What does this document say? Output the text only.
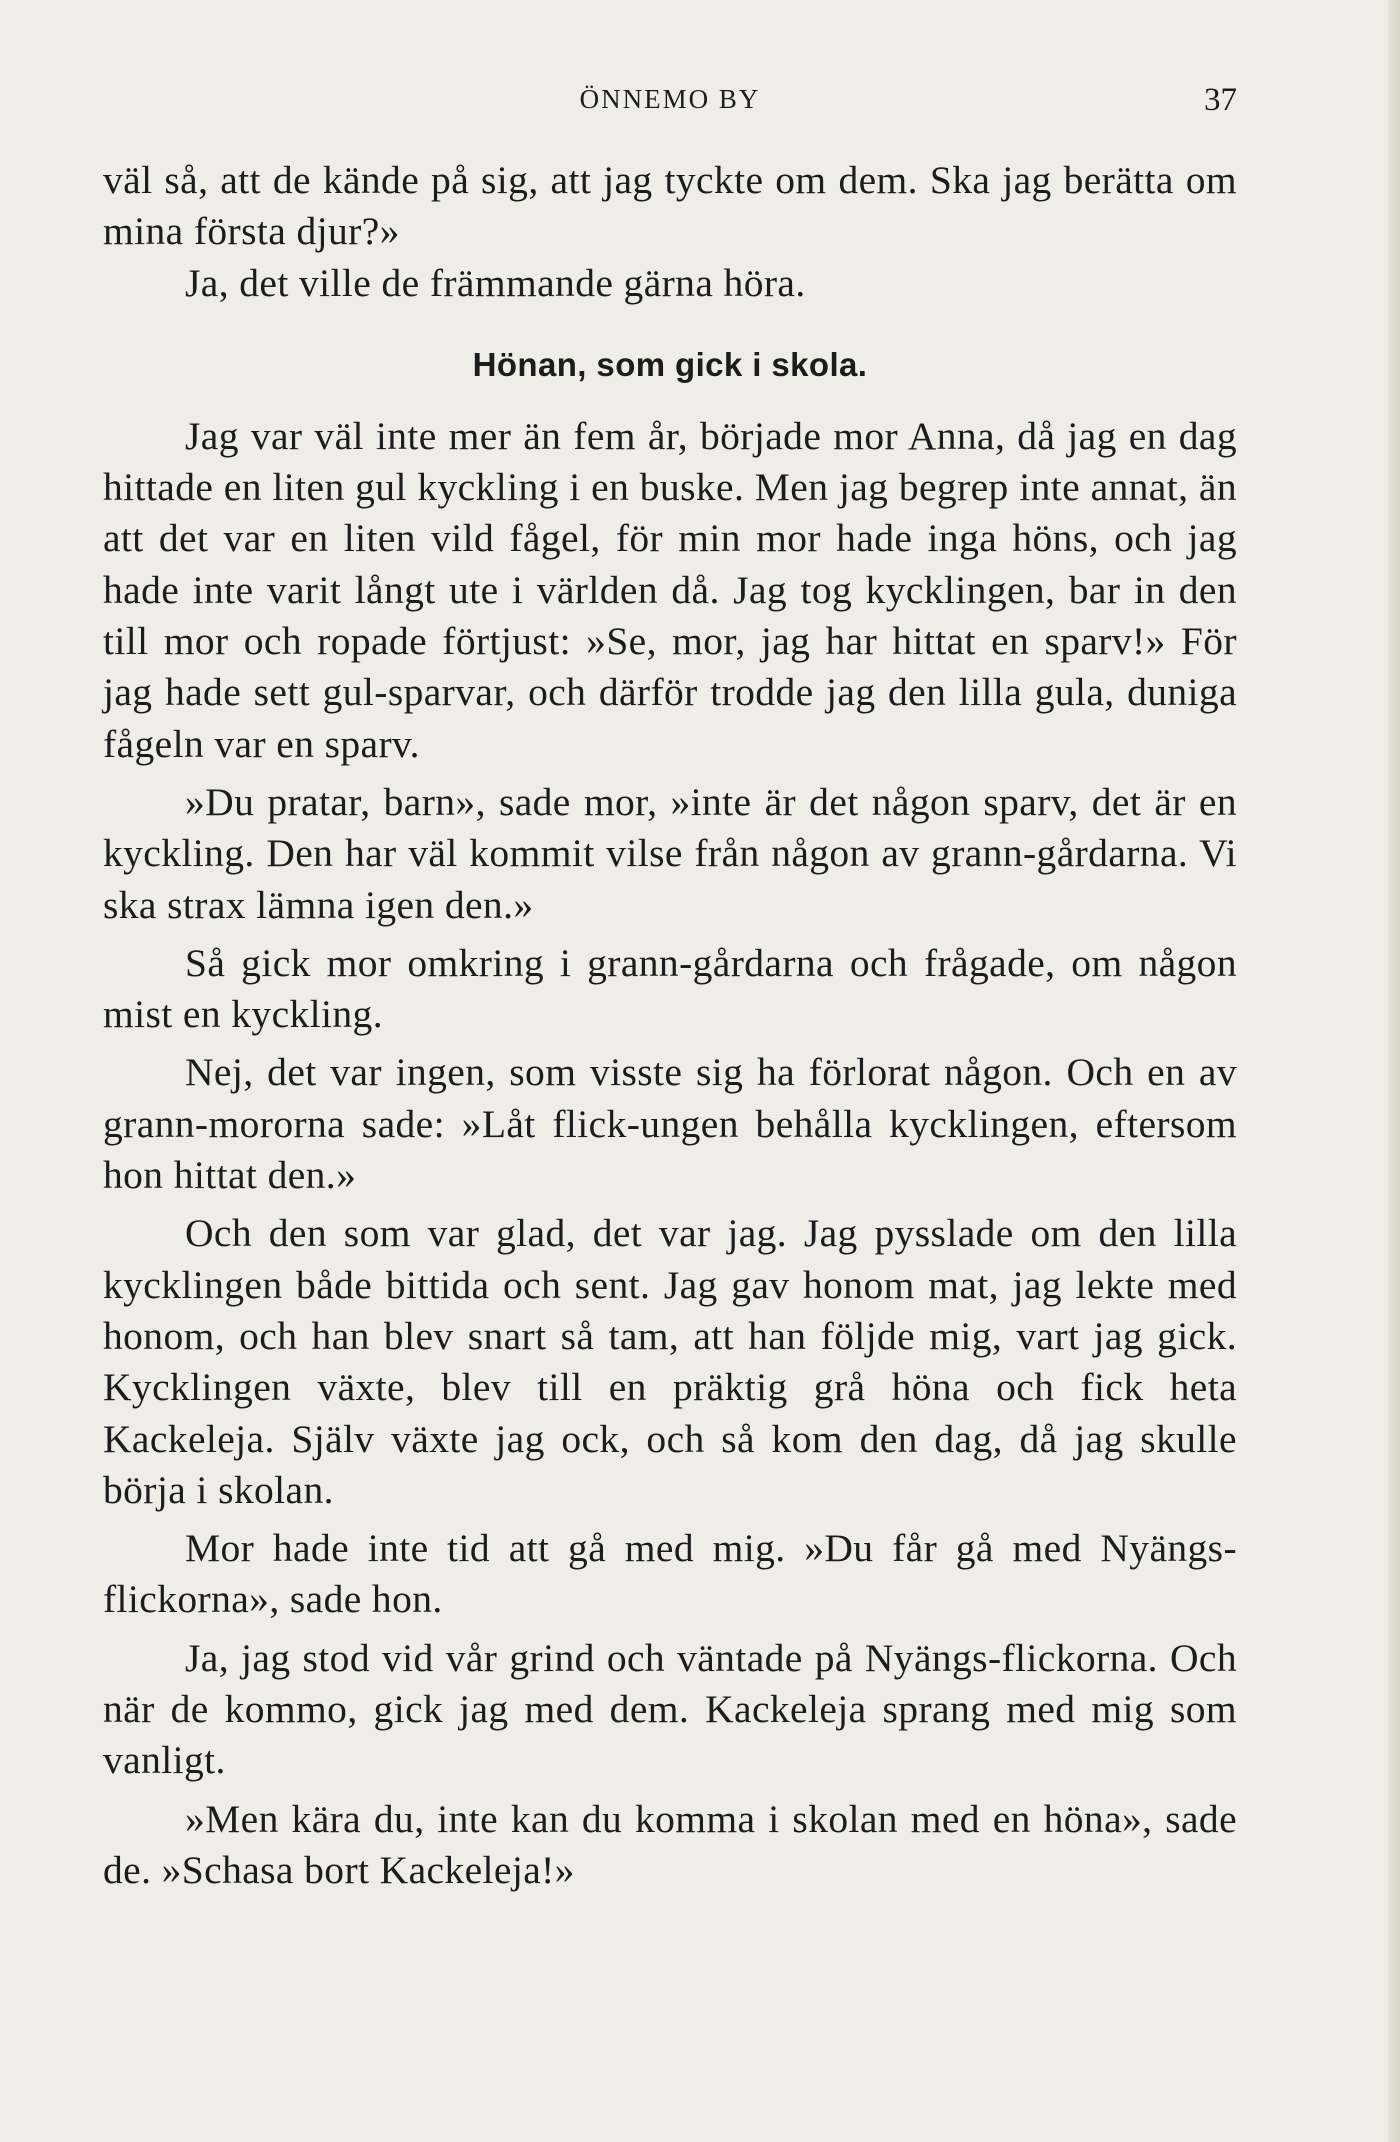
ÖNNEMO BY	37

väl så, att de kände på sig, att jag tyckte om dem. Ska jag berätta om mina första djur?»

Ja, det ville de främmande gärna höra.

Hönan, som gick i skola.

Jag var väl inte mer än fem år, började mor Anna, då jag en dag hittade en liten gul kyckling i en buske. Men jag begrep inte annat, än att det var en liten vild fågel, för min mor hade inga höns, och jag hade inte varit långt ute i världen då. Jag tog kycklingen, bar in den till mor och ropade förtjust: »Se, mor, jag har hittat en sparv!» För jag hade sett gul-sparvar, och därför trodde jag den lilla gula, duniga fågeln var en sparv.

»Du pratar, barn», sade mor, »inte är det någon sparv, det är en kyckling. Den har väl kommit vilse från någon av grann-gårdarna. Vi ska strax lämna igen den.»

Så gick mor omkring i grann-gårdarna och frågade, om någon mist en kyckling.

Nej, det var ingen, som visste sig ha förlorat någon. Och en av grann-mororna sade: »Låt flick-ungen behålla kycklingen, eftersom hon hittat den.»

Och den som var glad, det var jag. Jag pysslade om den lilla kycklingen både bittida och sent. Jag gav honom mat, jag lekte med honom, och han blev snart så tam, att han följde mig, vart jag gick. Kycklingen växte, blev till en präktig grå höna och fick heta Kackeleja. Själv växte jag ock, och så kom den dag, då jag skulle börja i skolan.

Mor hade inte tid att gå med mig. »Du får gå med Nyängs-flickorna», sade hon.

Ja, jag stod vid vår grind och väntade på Nyängs-flickorna. Och när de kommo, gick jag med dem. Kackeleja sprang med mig som vanligt.

»Men kära du, inte kan du komma i skolan med en höna», sade de. »Schasa bort Kackeleja!»
